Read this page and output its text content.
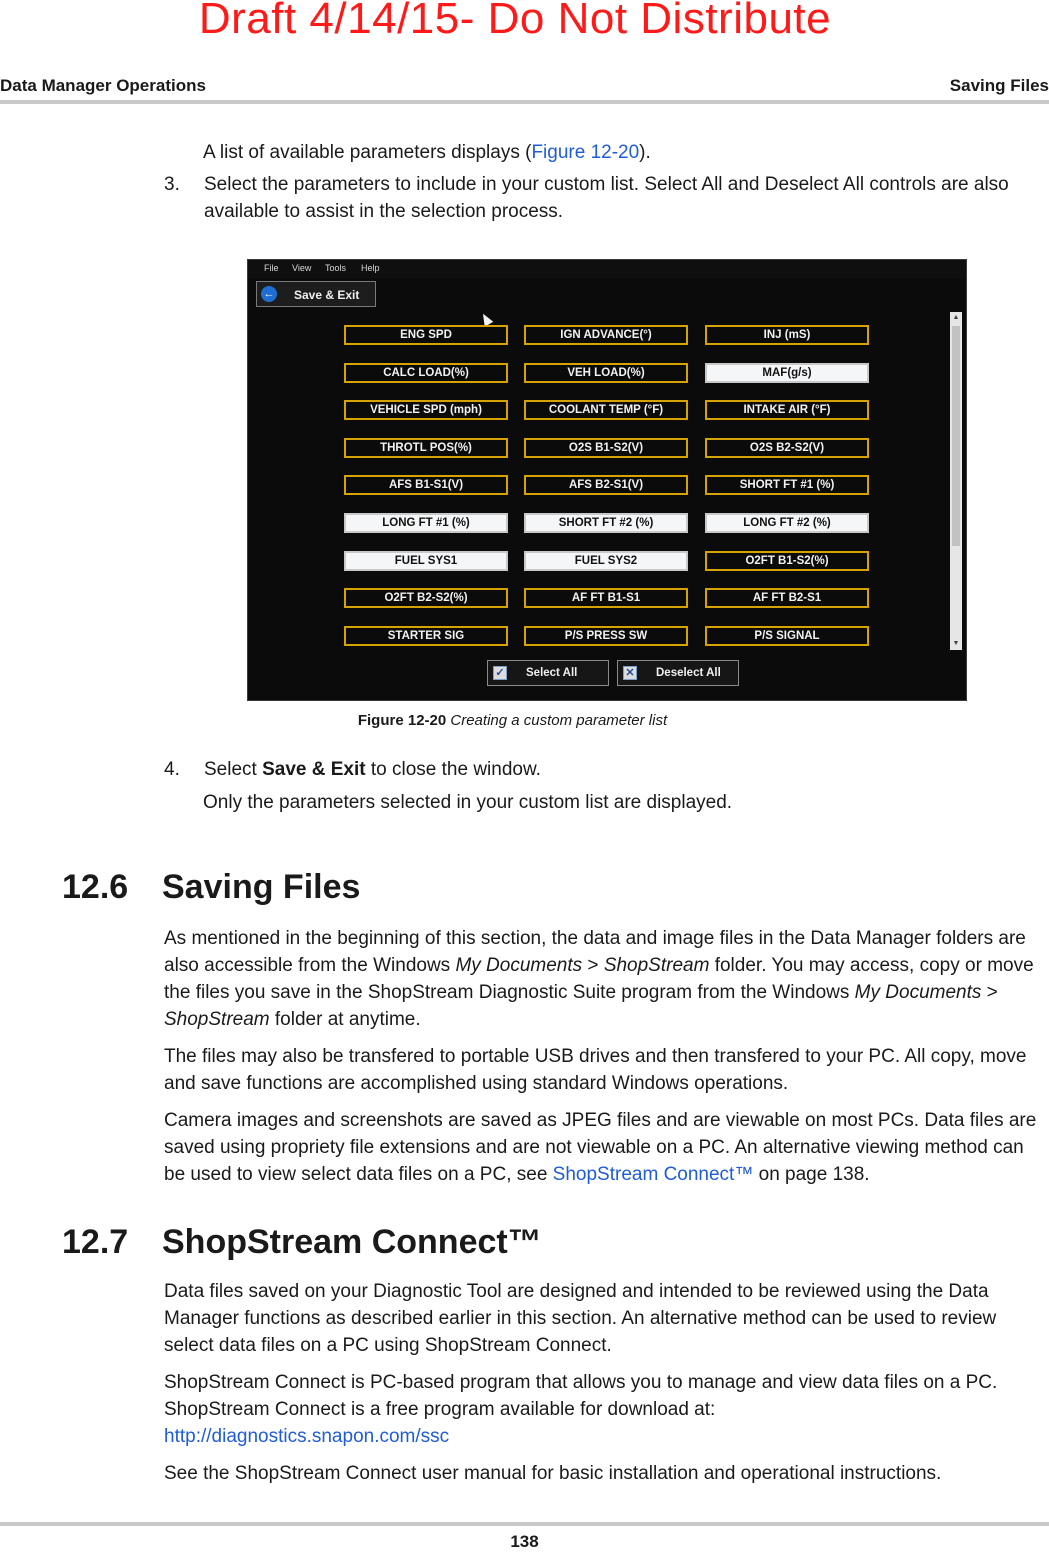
Draft 4/14/15- Do Not Distribute
Data Manager Operations	Saving Files
A list of available parameters displays (Figure 12-20).
3.	Select the parameters to include in your custom list. Select All and Deselect All controls are also available to assist in the selection process.
File View Tools Help
← Save & Exit
ENG SPD	IGN ADVANCE(°)	INJ (mS)
CALC LOAD(%)	VEH LOAD(%)	MAF(g/s)
VEHICLE SPD (mph)	COOLANT TEMP (°F)	INTAKE AIR (°F)
THROTL POS(%)	O2S B1-S2(V)	O2S B2-S2(V)
AFS B1-S1(V)	AFS B2-S1(V)	SHORT FT #1 (%)
LONG FT #1 (%)	SHORT FT #2 (%)	LONG FT #2 (%)
FUEL SYS1	FUEL SYS2	O2FT B1-S2(%)
O2FT B2-S2(%)	AF FT B1-S1	AF FT B2-S1
STARTER SIG	P/S PRESS SW	P/S SIGNAL
▲
▼
✓ Select All	✕ Deselect All
Figure 12-20 Creating a custom parameter list
4.	Select Save & Exit to close the window.
Only the parameters selected in your custom list are displayed.
12.6 Saving Files

As mentioned in the beginning of this section, the data and image files in the Data Manager folders are also accessible from the Windows My Documents > ShopStream folder. You may access, copy or move the files you save in the ShopStream Diagnostic Suite program from the Windows My Documents > ShopStream folder at anytime.

The files may also be transfered to portable USB drives and then transfered to your PC. All copy, move and save functions are accomplished using standard Windows operations.

Camera images and screenshots are saved as JPEG files and are viewable on most PCs. Data files are saved using propriety file extensions and are not viewable on a PC. An alternative viewing method can be used to view select data files on a PC, see ShopStream Connect™ on page 138.

12.7 ShopStream Connect™

Data files saved on your Diagnostic Tool are designed and intended to be reviewed using the Data Manager functions as described earlier in this section. An alternative method can be used to review select data files on a PC using ShopStream Connect.

ShopStream Connect is PC-based program that allows you to manage and view data files on a PC. ShopStream Connect is a free program available for download at:

http://diagnostics.snapon.com/ssc

See the ShopStream Connect user manual for basic installation and operational instructions.

138
